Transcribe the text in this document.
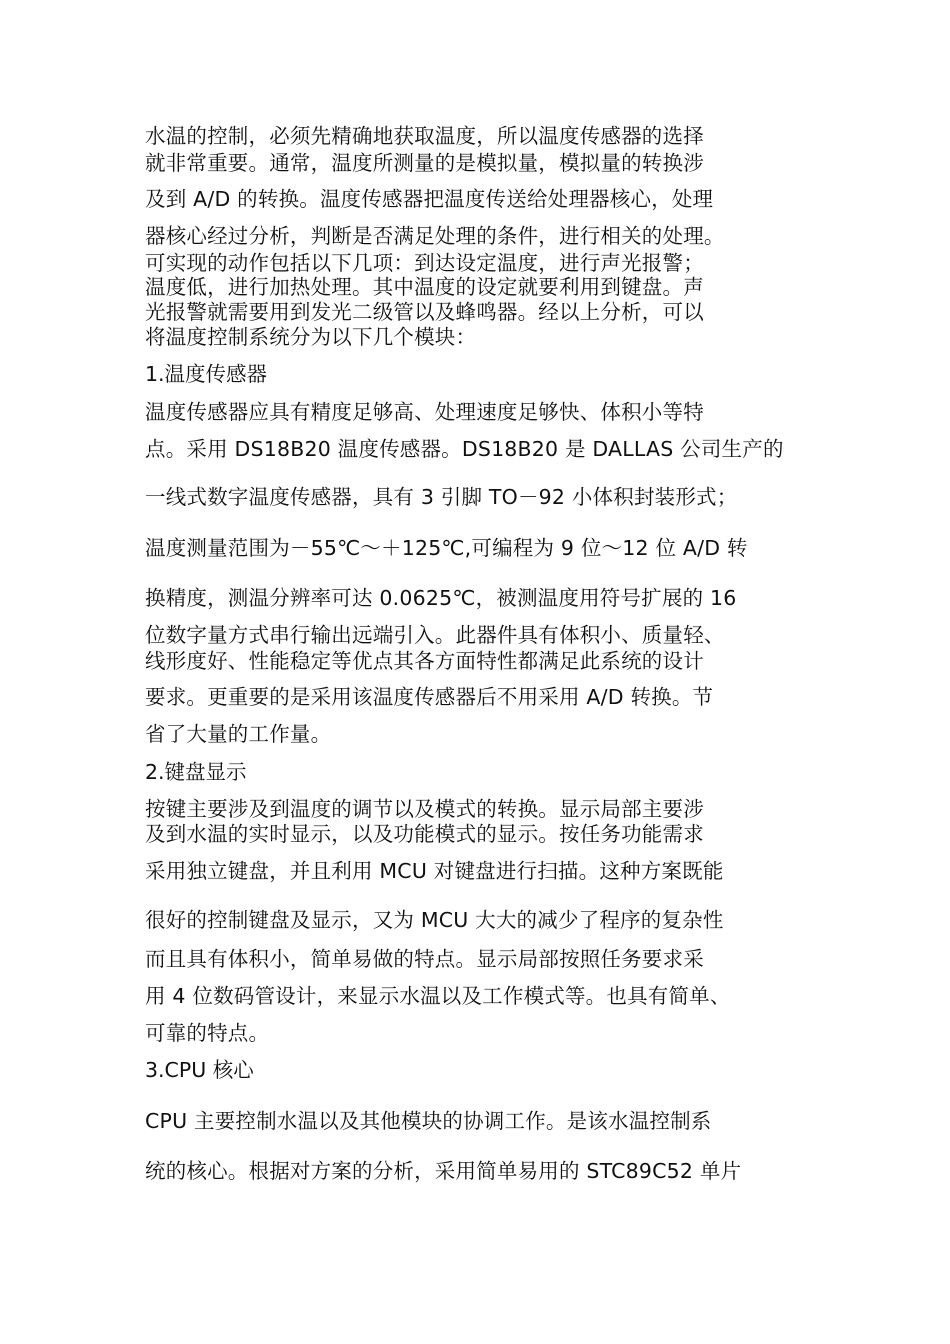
水温的控制，必须先精确地获取温度，所以温度传感器的选择
就非常重要。通常，温度所测量的是模拟量，模拟量的转换涉
及到 A/D 的转换。温度传感器把温度传送给处理器核心，处理
器核心经过分析，判断是否满足处理的条件，进行相关的处理。
可实现的动作包括以下几项：到达设定温度，进行声光报警；
温度低，进行加热处理。其中温度的设定就要利用到键盘。声
光报警就需要用到发光二级管以及蜂鸣器。经以上分析，可以
将温度控制系统分为以下几个模块：
1.温度传感器
温度传感器应具有精度足够高、处理速度足够快、体积小等特
点。采用 DS18B20 温度传感器。DS18B20 是 DALLAS 公司生产的
一线式数字温度传感器，具有 3 引脚 TO－92 小体积封装形式；
温度测量范围为－55℃～＋125℃,可编程为 9 位～12 位 A/D 转
换精度，测温分辨率可达 0.0625℃，被测温度用符号扩展的 16
位数字量方式串行输出远端引入。此器件具有体积小、质量轻、
线形度好、性能稳定等优点其各方面特性都满足此系统的设计
要求。更重要的是采用该温度传感器后不用采用 A/D 转换。节
省了大量的工作量。
2.键盘显示
按键主要涉及到温度的调节以及模式的转换。显示局部主要涉
及到水温的实时显示，以及功能模式的显示。按任务功能需求
采用独立键盘，并且利用 MCU 对键盘进行扫描。这种方案既能
很好的控制键盘及显示，又为 MCU 大大的减少了程序的复杂性
而且具有体积小，简单易做的特点。显示局部按照任务要求采
用 4 位数码管设计，来显示水温以及工作模式等。也具有简单、
可靠的特点。
3.CPU 核心
CPU 主要控制水温以及其他模块的协调工作。是该水温控制系
统的核心。根据对方案的分析，采用简单易用的 STC89C52 单片
